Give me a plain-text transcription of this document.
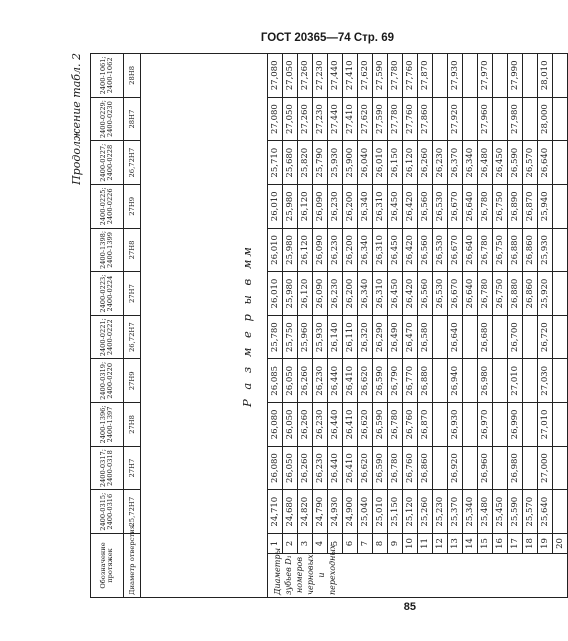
ГОСТ 20365—74 Стр. 69
Продолжение табл. 2
Обозначение протяжек		2400-0315; 2400-0316	2400-0317; 2400-0318	2400-1396; 2400-1397	2400-0319; 2400-0220	2400-0221; 2400-0222	2400-0223; 2400-0224	2400-1398; 2400-1399	2400-0225; 2400-0226	2400-0227; 2400-0228	2400-0229; 2400-0230	2400-1061; 2400-1062
Диаметр отверстия		25,72H7	27H7	27H8	27H9	26,72H7	27H7	27H8	27H9	26,72H7	28H7	28H8

Диаметры зубьев D₁ номеров черновых и переходных	1	24,710	26,080	26,080	26,085	25,780	26,010	26,010	26,010	25,710	27,080	27,080
	2	24,680	26,050	26,050	26,050	25,750	25,980	25,980	25,980	25,680	27,050	27,050
	3	24,820	26,260	26,260	26,260	25,960	26,120	26,120	26,120	25,820	27,260	27,260
	4	24,790	26,230	26,230	26,230	25,930	26,090	26,090	26,090	25,790	27,230	27,230
	5	24,930	26,440	26,440	26,440	26,140	26,230	26,230	26,230	25,930	27,440	27,440
	6	24,900	26,410	26,410	26,410	26,110	26,200	26,200	26,200	25,900	27,410	27,410
	7	25,040	26,620	26,620	26,620	26,320	26,340	26,340	26,340	26,040	27,620	27,620
	8	25,010	26,590	26,590	26,590	26,290	26,310	26,310	26,310	26,010	27,590	27,590
	9	25,150	26,780	26,780	26,790	26,490	26,450	26,450	26,450	26,150	27,780	27,780
	10	25,120	26,760	26,760	26,770	26,470	26,420	26,420	26,420	26,120	27,760	27,760
	11	25,260	26,860	26,870	26,880	26,580	26,560	26,560	26,560	26,260	27,860	27,870
	12	25,230					26,530	26,530	26,530	26,230		
	13	25,370	26,920	26,930	26,940	26,640	26,670	26,670	26,670	26,370	27,920	27,930
	14	25,340					26,640	26,640	26,640	26,340		
	15	25,480	26,960	26,970	26,980	26,680	26,780	26,780	26,780	26,480	27,960	27,970
	16	25,450					26,750	26,750	26,750	26,450		
	17	25,590	26,980	26,990	27,010	26,700	26,880	26,880	26,890	26,590	27,980	27,990
	18	25,570					26,860	26,860	26,870	26,570		
	19	25,640	27,000	27,010	27,030	26,720	25,920	25,930	25,940	26,640	28,000	28,010
	20											
Р а з м е р ы в мм
85
